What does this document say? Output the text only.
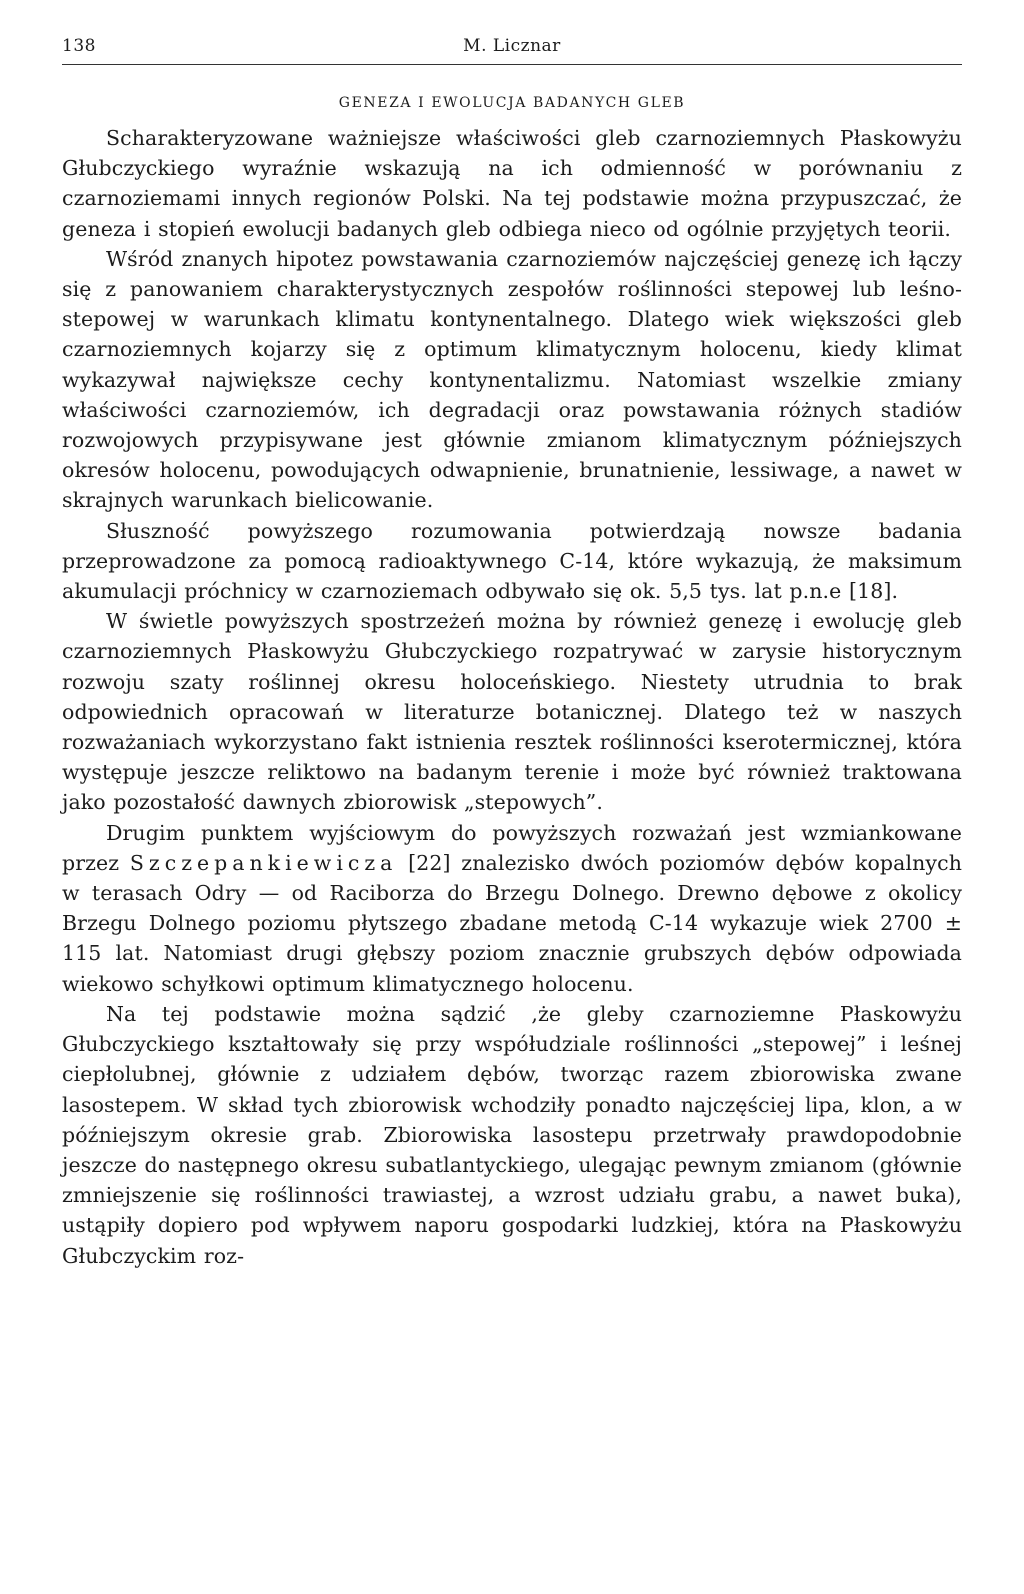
138	M. Licznar
GENEZA I EWOLUCJA BADANYCH GLEB

Scharakteryzowane ważniejsze właściwości gleb czarnoziemnych Płaskowyżu Głubczyckiego wyraźnie wskazują na ich odmienność w porównaniu z czarnoziemami innych regionów Polski. Na tej podstawie można przypuszczać, że geneza i stopień ewolucji badanych gleb odbiega nieco od ogólnie przyjętych teorii.

Wśród znanych hipotez powstawania czarnoziemów najczęściej genezę ich łączy się z panowaniem charakterystycznych zespołów roślinności stepowej lub leśno-stepowej w warunkach klimatu kontynentalnego. Dlatego wiek większości gleb czarnoziemnych kojarzy się z optimum klimatycznym holocenu, kiedy klimat wykazywał największe cechy kontynentalizmu. Natomiast wszelkie zmiany właściwości czarnoziemów, ich degradacji oraz powstawania różnych stadiów rozwojowych przypisywane jest głównie zmianom klimatycznym późniejszych okresów holocenu, powodujących odwapnienie, brunatnienie, lessiwage, a nawet w skrajnych warunkach bielicowanie.

Słuszność powyższego rozumowania potwierdzają nowsze badania przeprowadzone za pomocą radioaktywnego C-14, które wykazują, że maksimum akumulacji próchnicy w czarnoziemach odbywało się ok. 5,5 tys. lat p.n.e [18].

W świetle powyższych spostrzeżeń można by również genezę i ewolucję gleb czarnoziemnych Płaskowyżu Głubczyckiego rozpatrywać w zarysie historycznym rozwoju szaty roślinnej okresu holoceńskiego. Niestety utrudnia to brak odpowiednich opracowań w literaturze botanicznej. Dlatego też w naszych rozważaniach wykorzystano fakt istnienia resztek roślinności kserotermicznej, która występuje jeszcze reliktowo na badanym terenie i może być również traktowana jako pozostałość dawnych zbiorowisk „stepowych”.

Drugim punktem wyjściowym do powyższych rozważań jest wzmiankowane przez Szczepankiewicza [22] znalezisko dwóch poziomów dębów kopalnych w terasach Odry — od Raciborza do Brzegu Dolnego. Drewno dębowe z okolicy Brzegu Dolnego poziomu płytszego zbadane metodą C-14 wykazuje wiek 2700 ± 115 lat. Natomiast drugi głębszy poziom znacznie grubszych dębów odpowiada wiekowo schyłkowi optimum klimatycznego holocenu.

Na tej podstawie można sądzić ,że gleby czarnoziemne Płaskowyżu Głubczyckiego kształtowały się przy współudziale roślinności „stepowej” i leśnej ciepłolubnej, głównie z udziałem dębów, tworząc razem zbiorowiska zwane lasostepem. W skład tych zbiorowisk wchodziły ponadto najczęściej lipa, klon, a w późniejszym okresie grab. Zbiorowiska lasostepu przetrwały prawdopodobnie jeszcze do następnego okresu subatlantyckiego, ulegając pewnym zmianom (głównie zmniejszenie się roślinności trawiastej, a wzrost udziału grabu, a nawet buka), ustąpiły dopiero pod wpływem naporu gospodarki ludzkiej, która na Płaskowyżu Głubczyckim roz-
